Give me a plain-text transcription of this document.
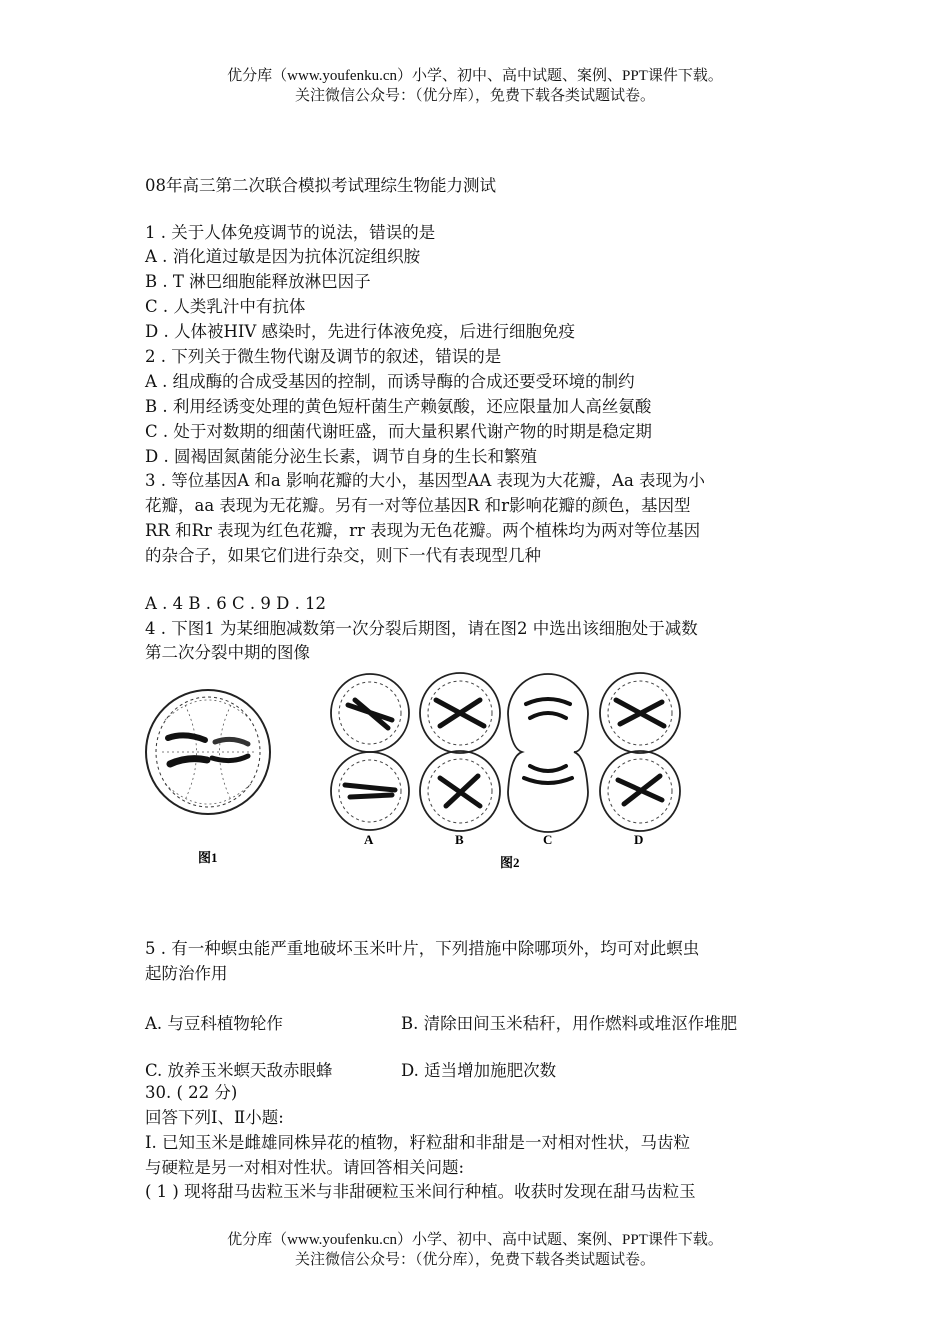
优分库（www.youfenku.cn）小学、初中、高中试题、案例、PPT课件下载。
关注微信公众号：（优分库），免费下载各类试题试卷。
08年高三第二次联合模拟考试理综生物能力测试
1 . 关于人体免疫调节的说法，错误的是
A . 消化道过敏是因为抗体沉淀组织胺
B . T 淋巴细胞能释放淋巴因子
C . 人类乳汁中有抗体
D . 人体被HIV 感染时，先进行体液免疫，后进行细胞免疫
2 . 下列关于微生物代谢及调节的叙述，错误的是
A . 组成酶的合成受基因的控制，而诱导酶的合成还要受环境的制约
B . 利用经诱变处理的黄色短杆菌生产赖氨酸，还应限量加人高丝氨酸
C . 处于对数期的细菌代谢旺盛，而大量积累代谢产物的时期是稳定期
D . 圆褐固氮菌能分泌生长素，调节自身的生长和繁殖
3 . 等位基因A 和a 影响花瓣的大小，基因型AA 表现为大花瓣，Aa 表现为小
花瓣，aa 表现为无花瓣。另有一对等位基因R 和r影响花瓣的颜色，基因型
RR 和Rr 表现为红色花瓣，rr 表现为无色花瓣。两个植株均为两对等位基因
的杂合子，如果它们进行杂交，则下一代有表现型几种
A . 4 B . 6 C . 9 D . 12
4 . 下图1 为某细胞减数第一次分裂后期图，请在图2 中选出该细胞处于减数
第二次分裂中期的图像
图1
A	B	C	D
图2
5 . 有一种螟虫能严重地破坏玉米叶片，下列措施中除哪项外，均可对此螟虫
起防治作用
A. 与豆科植物轮作	B. 清除田间玉米秸秆，用作燃料或堆沤作堆肥
C. 放养玉米螟天敌赤眼蜂	D. 适当增加施肥次数
30. ( 22 分)
回答下列Ⅰ、Ⅱ小题:
Ⅰ. 已知玉米是雌雄同株异花的植物，籽粒甜和非甜是一对相对性状，马齿粒
与硬粒是另一对相对性状。请回答相关问题:
( 1 ) 现将甜马齿粒玉米与非甜硬粒玉米间行种植。收获时发现在甜马齿粒玉
优分库（www.youfenku.cn）小学、初中、高中试题、案例、PPT课件下载。
关注微信公众号：（优分库），免费下载各类试题试卷。
